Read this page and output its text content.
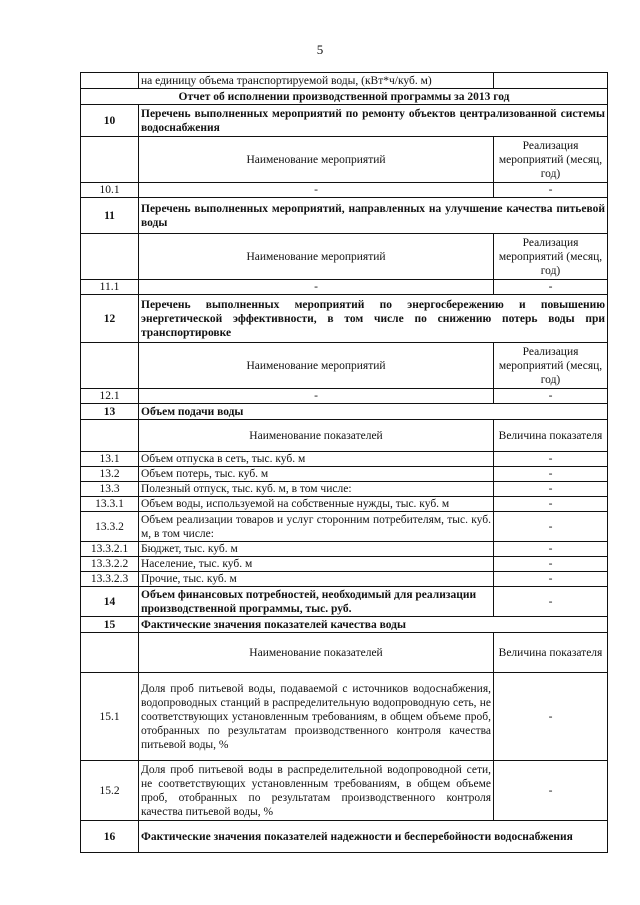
5
	на единицу объема транспортируемой воды, (кВт*ч/куб. м)	
Отчет об исполнении производственной программы за 2013 год		
10	Перечень выполненных мероприятий по ремонту объектов централизованной системы водоснабжения	
	Наименование мероприятий	Реализация мероприятий (месяц, год)
10.1	-	-
11	Перечень выполненных мероприятий, направленных на улучшение качества питьевой воды	
	Наименование мероприятий	Реализация мероприятий (месяц, год)
11.1	-	-
12	Перечень выполненных мероприятий по энергосбережению и повышению энергетической эффективности, в том числе по снижению потерь воды при транспортировке	
	Наименование мероприятий	Реализация мероприятий (месяц, год)
12.1	-	-
13	Объем подачи воды	
	Наименование показателей	Величина показателя
13.1	Объем отпуска в сеть, тыс. куб. м	-
13.2	Объем потерь, тыс. куб. м	-
13.3	Полезный отпуск, тыс. куб. м, в том числе:	-
13.3.1	Объем воды, используемой на собственные нужды, тыс. куб. м	-
13.3.2	Объем реализации товаров и услуг сторонним потребителям, тыс. куб. м, в том числе:	-
13.3.2.1	Бюджет, тыс. куб. м	-
13.3.2.2	Население, тыс. куб. м	-
13.3.2.3	Прочие, тыс. куб. м	-
14	Объем финансовых потребностей, необходимый для реализации производственной программы, тыс. руб.	-
15	Фактические значения показателей качества воды	
	Наименование показателей	Величина показателя
15.1	Доля проб питьевой воды, подаваемой с источников водоснабжения, водопроводных станций в распределительную водопроводную сеть, не соответствующих установленным требованиям, в общем объеме проб, отобранных по результатам производственного контроля качества питьевой воды, %	-
15.2	Доля проб питьевой воды в распределительной водопроводной сети, не соответствующих установленным требованиям, в общем объеме проб, отобранных по результатам производственного контроля качества питьевой воды, %	-
16	Фактические значения показателей надежности и бесперебойности водоснабжения	
